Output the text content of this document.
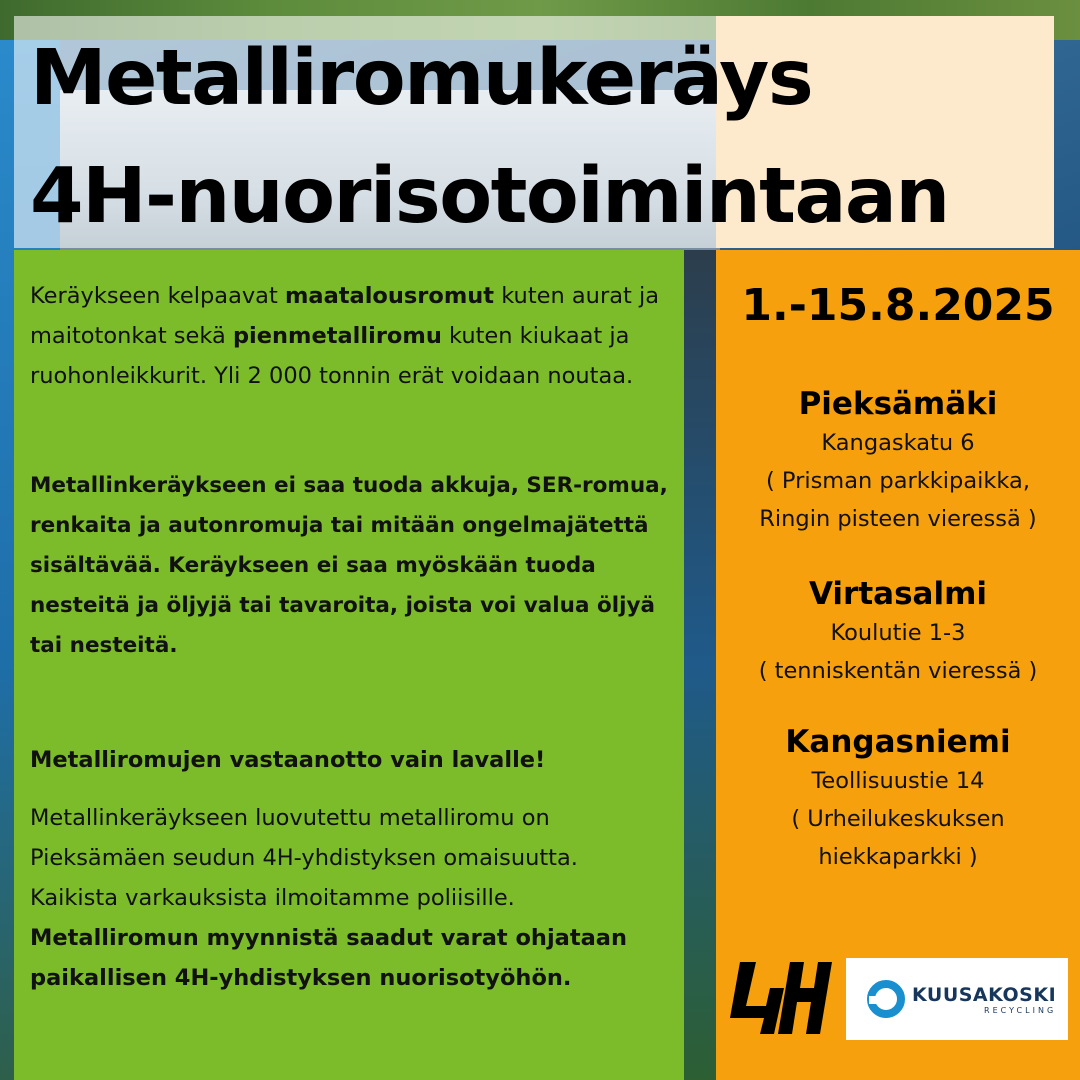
Metalliromukeräys
4H-nuorisotoimintaan

Keräykseen kelpaavat maatalousromut kuten aurat ja maitotonkat sekä pienmetalliromu kuten kiukaat ja ruohonleikkurit. Yli 2 000 tonnin erät voidaan noutaa.

Metallinkeräykseen ei saa tuoda akkuja, SER-romua, renkaita ja autonromuja tai mitään ongelmajätettä sisältävää. Keräykseen ei saa myöskään tuoda nesteitä ja öljyjä tai tavaroita, joista voi valua öljyä tai nesteitä.

Metalliromujen vastaanotto vain lavalle!

Metallinkeräykseen luovutettu metalliromu on Pieksämäen seudun 4H-yhdistyksen omaisuutta. Kaikista varkauksista ilmoitamme poliisille. Metalliromun myynnistä saadut varat ohjataan paikallisen 4H-yhdistyksen nuorisotyöhön.

1.-15.8.2025

Pieksämäki

Kangaskatu 6

( Prisman parkkipaikka,

Ringin pisteen vieressä )

Virtasalmi

Koulutie 1-3

( tenniskentän vieressä )

Kangasniemi

Teollisuustie 14

( Urheilukeskuksen

hiekkaparkki )

KUUSAKOSKI
RECYCLING
